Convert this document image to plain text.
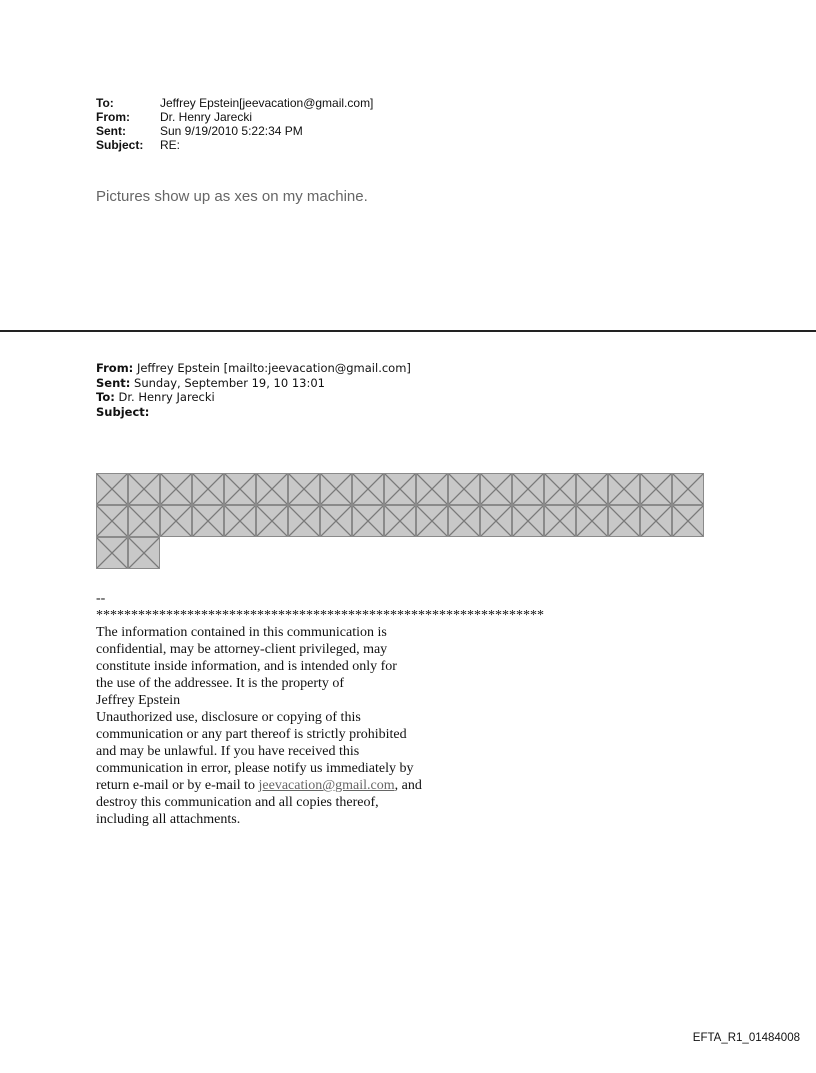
To:	Jeffrey Epstein[jeevacation@gmail.com]
From:	Dr. Henry Jarecki
Sent:	Sun 9/19/2010 5:22:34 PM
Subject:	RE:
Pictures show up as xes on my machine.
From: Jeffrey Epstein [mailto:jeevacation@gmail.com]
Sent: Sunday, September 19, 10 13:01
To: Dr. Henry Jarecki
Subject:
--
****************************************************************
The information contained in this communication is
confidential, may be attorney-client privileged, may
constitute inside information, and is intended only for
the use of the addressee. It is the property of
Jeffrey Epstein
Unauthorized use, disclosure or copying of this
communication or any part thereof is strictly prohibited
and may be unlawful. If you have received this
communication in error, please notify us immediately by
return e-mail or by e-mail to jeevacation@gmail.com, and
destroy this communication and all copies thereof,
including all attachments.
EFTA_R1_01484008
